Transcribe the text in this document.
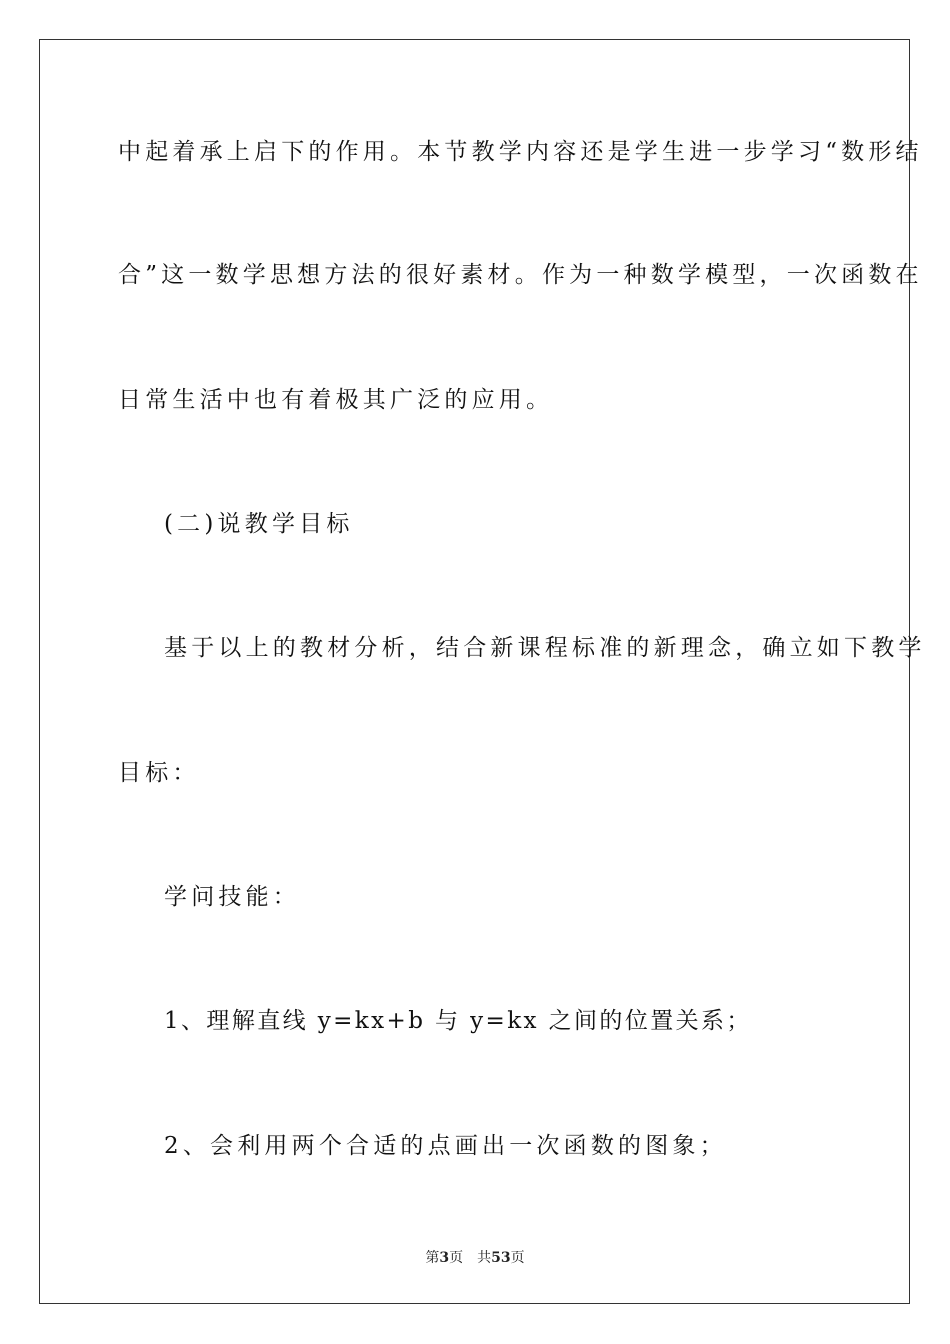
中起着承上启下的作用。本节教学内容还是学生进一步学习“数形结
合”这一数学思想方法的很好素材。作为一种数学模型，一次函数在
日常生活中也有着极其广泛的应用。
(二)说教学目标
基于以上的教材分析，结合新课程标准的新理念，确立如下教学
目标：
学问技能：
1、理解直线 y=kx+b 与 y=kx 之间的位置关系；
2、会利用两个合适的点画出一次函数的图象；
第3页 共53页
